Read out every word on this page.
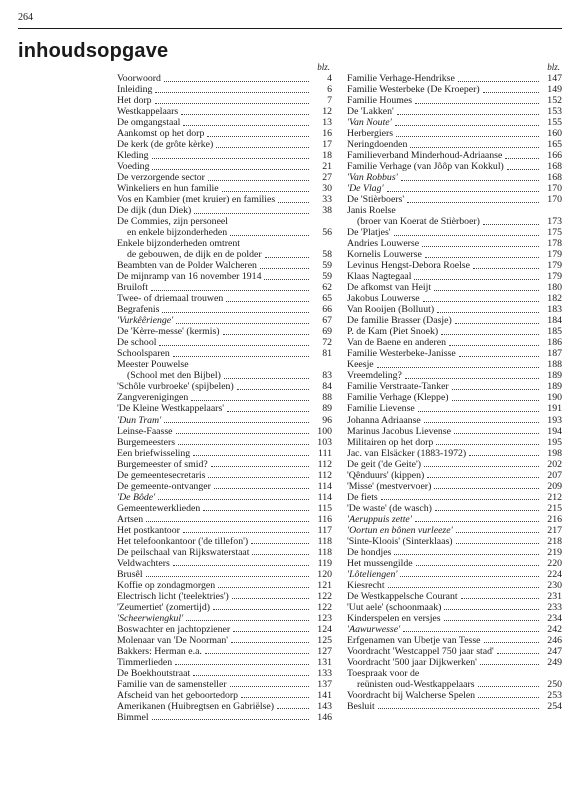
264
inhoudsopgave
blz.
Voorwoord	4
Inleiding	6
Het dorp	7
Westkappelaars	12
De omgangstaal	13
Aankomst op het dorp	16
De kerk (de grôte kèrke)	17
Kleding	18
Voeding	21
De verzorgende sector	27
Winkeliers en hun familie	30
Vos en Kambier (met kruier) en families	33
De dijk (dun Diek)	38
De Commies, zijn personeel
en enkele bijzonderheden	56
Enkele bijzonderheden omtrent
de gebouwen, de dijk en de polder	58
Beambten van de Polder Walcheren	59
De mijnramp van 16 november 1914	59
Bruiloft	62
Twee- of driemaal trouwen	65
Begrafenis	66
'Vurkêêrienge'	67
De 'Kèrre-messe' (kermis)	69
De school	72
Schoolsparen	81
Meester Pouwelse
(School met den Bijbel)	83
'Schôle vurbroeke' (spijbelen)	84
Zangverenigingen	88
'De Kleine Westkappelaars'	89
'Dun Tram'	96
Leinse-Faasse	100
Burgemeesters	103
Een briefwisseling	111
Burgemeester of smid?	112
De gemeentesecretaris	112
De gemeente-ontvanger	114
'De Bôde'	114
Gemeentewerklieden	115
Artsen	116
Het postkantoor	117
Het telefoonkantoor ('de tillefon')	118
De peilschaal van Rijkswaterstaat	118
Veldwachters	119
Brusêl	120
Koffie op zondagmorgen	121
Electrisch licht ('teelektries')	122
'Zeumertiet' (zomertijd)	122
'Scheerwiengkul'	123
Boswachter en jachtopziener	124
Molenaar van 'De Noorman'	125
Bakkers: Herman e.a.	127
Timmerlieden	131
De Boekhoutstraat	133
Familie van de samensteller	137
Afscheid van het geboortedorp	141
Amerikanen (Huibregtsen en Gabriëlse)	143
Bimmel	146
blz.
Familie Verhage-Hendrikse	147
Familie Westerbeke (De Kroeper)	149
Familie Houmes	152
De 'Lakken'	153
'Van Noute'	155
Herbergiers	160
Neringdoenden	165
Familieverband Minderhoud-Adriaanse	166
Familie Verhage (van Jôôp van Kokkul)	168
'Van Robbus'	168
'De Vlag'	170
De 'Stièrboers'	170
Janis Roelse
(broer van Koerat de Stièrboer)	173
De 'Platjes'	175
Andries Louwerse	178
Kornelis Louwerse	179
Levinus Hengst-Debora Roelse	179
Klaas Nagtegaal	179
De afkomst van Heijt	180
Jakobus Louwerse	182
Van Rooijen (Bolluut)	183
De familie Brasser (Dasje)	184
P. de Kam (Piet Snoek)	185
Van de Baene en anderen	186
Familie Westerbeke-Janisse	187
Keesje	188
Vreemdeling?	189
Familie Verstraate-Tanker	189
Familie Verhage (Kleppe)	190
Familie Lievense	191
Johanna Adriaanse	193
Marinus Jacobus Lievense	194
Militairen op het dorp	195
Jac. van Elsäcker (1883-1972)	198
De geit ('de Geite')	202
'Qênduurs' (kippen)	207
'Misse' (mestvervoer)	209
De fiets	212
'De waste' (de wasch)	215
'Aeruppuis zette'	216
'Oortun en bônen vurleeze'	217
'Sinte-Kloois' (Sinterklaas)	218
De hondjes	219
Het mussengilde	220
'Lôteliengen'	224
Kiesrecht	230
De Westkappelsche Courant	231
'Uut aele' (schoonmaak)	233
Kinderspelen en versjes	234
'Aawurwesse'	242
Erfgenamen van Ubetje van Tesse	246
Voordracht 'Westcappel 750 jaar stad'	247
Voordracht '500 jaar Dijkwerken'	249
Toespraak voor de
reünisten oud-Westkappelaars	250
Voordracht bij Walcherse Spelen	253
Besluit	254
